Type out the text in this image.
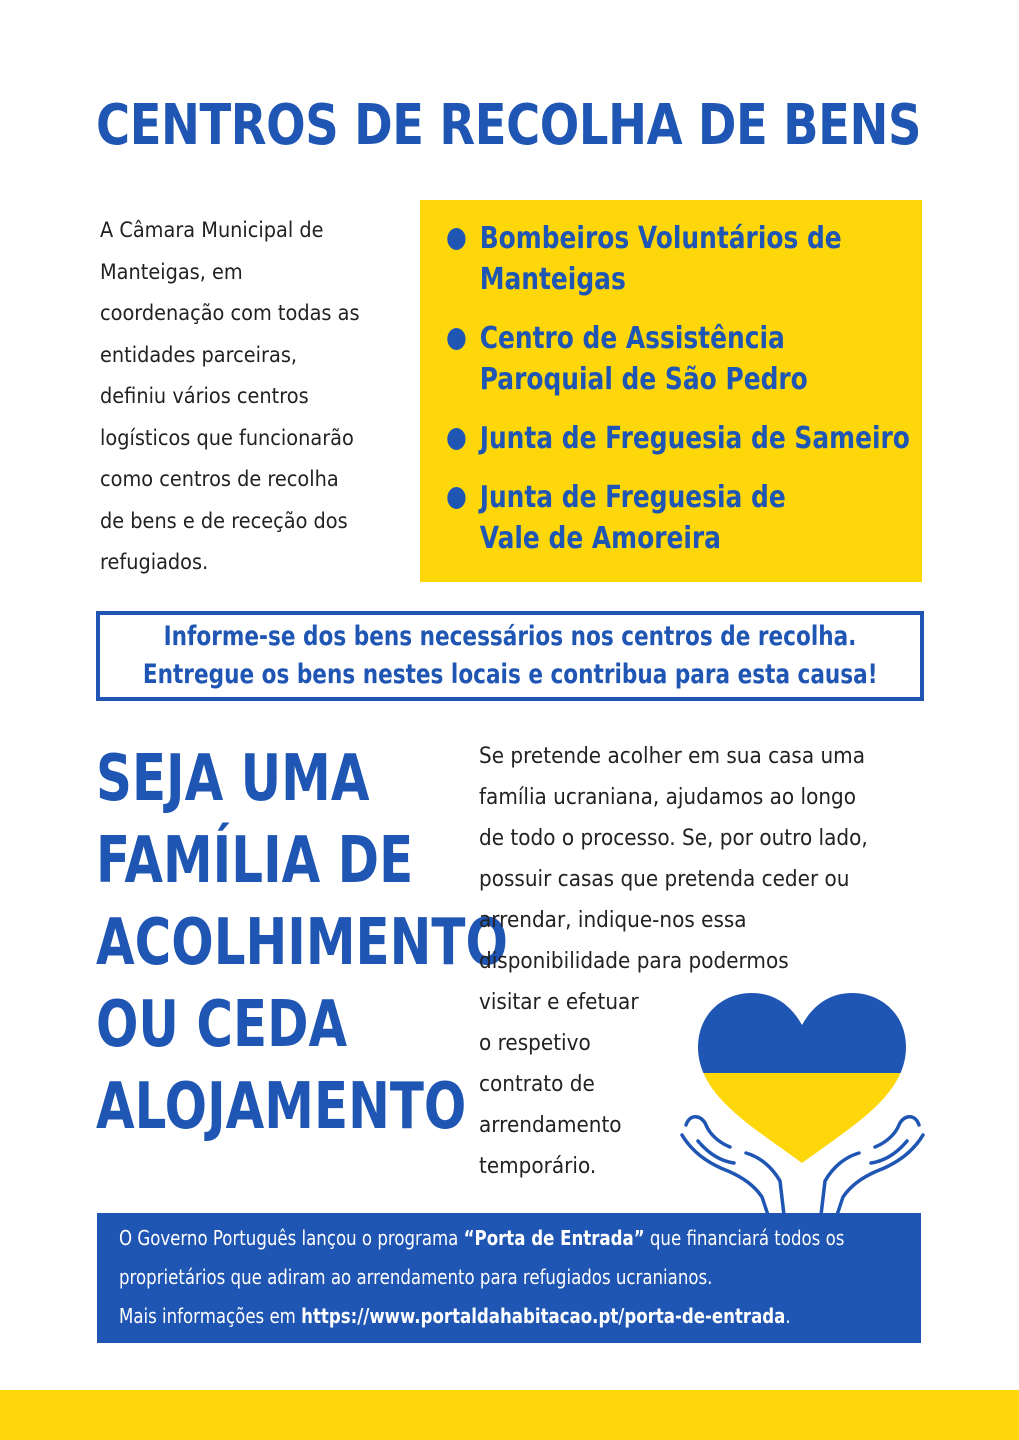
CENTROS DE RECOLHA DE BENS
A Câmara Municipal de
Manteigas, em
coordenação com todas as
entidades parceiras,
definiu vários centros
logísticos que funcionarão
como centros de recolha
de bens e de receção dos
refugiados.
Bombeiros Voluntários de
Manteigas
Centro de Assistência
Paroquial de São Pedro
Junta de Freguesia de Sameiro
Junta de Freguesia de
Vale de Amoreira
Informe-se dos bens necessários nos centros de recolha.
Entregue os bens nestes locais e contribua para esta causa!
SEJA UMA
FAMÍLIA DE
ACOLHIMENTO
OU CEDA
ALOJAMENTO
Se pretende acolher em sua casa uma
família ucraniana, ajudamos ao longo
de todo o processo. Se, por outro lado,
possuir casas que pretenda ceder ou
arrendar, indique-nos essa
disponibilidade para podermos
visitar e efetuar
o respetivo
contrato de
arrendamento
temporário.

O Governo Português lançou o programa “Porta de Entrada” que financiará todos os
proprietários que adiram ao arrendamento para refugiados ucranianos.
Mais informações em https://www.portaldahabitacao.pt/porta-de-entrada.
